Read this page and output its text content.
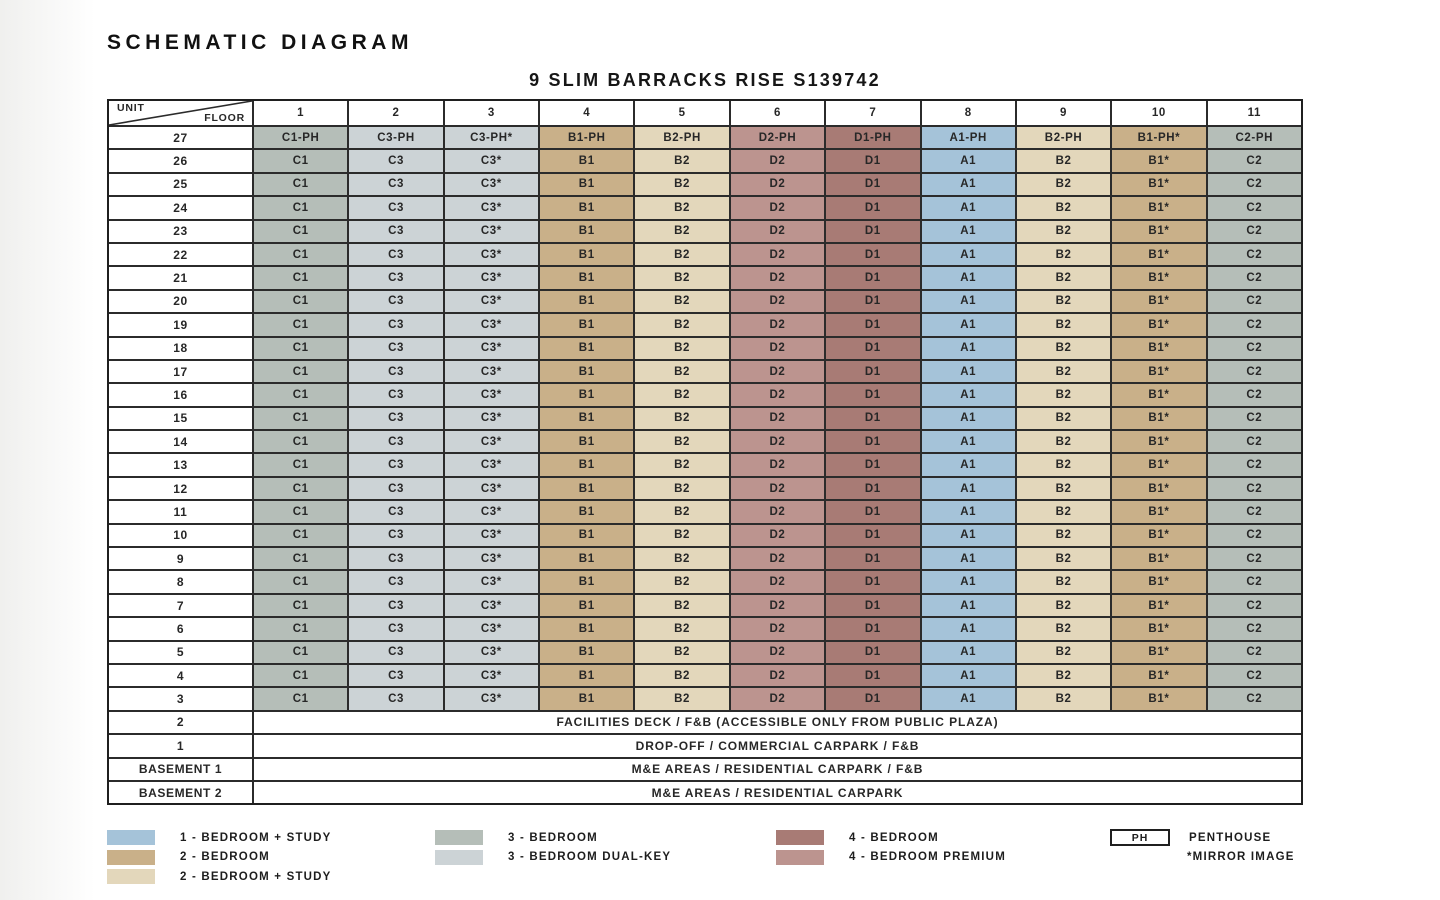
SCHEMATIC DIAGRAM
9 SLIM BARRACKS RISE S139742
UNIT
FLOOR	1	2	3	4	5	6	7	8	9	10	11
27	C1-PH	C3-PH	C3-PH*	B1-PH	B2-PH	D2-PH	D1-PH	A1-PH	B2-PH	B1-PH*	C2-PH
26	C1	C3	C3*	B1	B2	D2	D1	A1	B2	B1*	C2
25	C1	C3	C3*	B1	B2	D2	D1	A1	B2	B1*	C2
24	C1	C3	C3*	B1	B2	D2	D1	A1	B2	B1*	C2
23	C1	C3	C3*	B1	B2	D2	D1	A1	B2	B1*	C2
22	C1	C3	C3*	B1	B2	D2	D1	A1	B2	B1*	C2
21	C1	C3	C3*	B1	B2	D2	D1	A1	B2	B1*	C2
20	C1	C3	C3*	B1	B2	D2	D1	A1	B2	B1*	C2
19	C1	C3	C3*	B1	B2	D2	D1	A1	B2	B1*	C2
18	C1	C3	C3*	B1	B2	D2	D1	A1	B2	B1*	C2
17	C1	C3	C3*	B1	B2	D2	D1	A1	B2	B1*	C2
16	C1	C3	C3*	B1	B2	D2	D1	A1	B2	B1*	C2
15	C1	C3	C3*	B1	B2	D2	D1	A1	B2	B1*	C2
14	C1	C3	C3*	B1	B2	D2	D1	A1	B2	B1*	C2
13	C1	C3	C3*	B1	B2	D2	D1	A1	B2	B1*	C2
12	C1	C3	C3*	B1	B2	D2	D1	A1	B2	B1*	C2
11	C1	C3	C3*	B1	B2	D2	D1	A1	B2	B1*	C2
10	C1	C3	C3*	B1	B2	D2	D1	A1	B2	B1*	C2
9	C1	C3	C3*	B1	B2	D2	D1	A1	B2	B1*	C2
8	C1	C3	C3*	B1	B2	D2	D1	A1	B2	B1*	C2
7	C1	C3	C3*	B1	B2	D2	D1	A1	B2	B1*	C2
6	C1	C3	C3*	B1	B2	D2	D1	A1	B2	B1*	C2
5	C1	C3	C3*	B1	B2	D2	D1	A1	B2	B1*	C2
4	C1	C3	C3*	B1	B2	D2	D1	A1	B2	B1*	C2
3	C1	C3	C3*	B1	B2	D2	D1	A1	B2	B1*	C2
2	FACILITIES DECK / F&B (ACCESSIBLE ONLY FROM PUBLIC PLAZA)
1	DROP-OFF / COMMERCIAL CARPARK / F&B
BASEMENT 1	M&E AREAS / RESIDENTIAL CARPARK / F&B
BASEMENT 2	M&E AREAS / RESIDENTIAL CARPARK
1 - BEDROOM + STUDY
2 - BEDROOM
2 - BEDROOM + STUDY
3 - BEDROOM
3 - BEDROOM DUAL-KEY
4 - BEDROOM
4 - BEDROOM PREMIUM
PH	PENTHOUSE
*MIRROR IMAGE
